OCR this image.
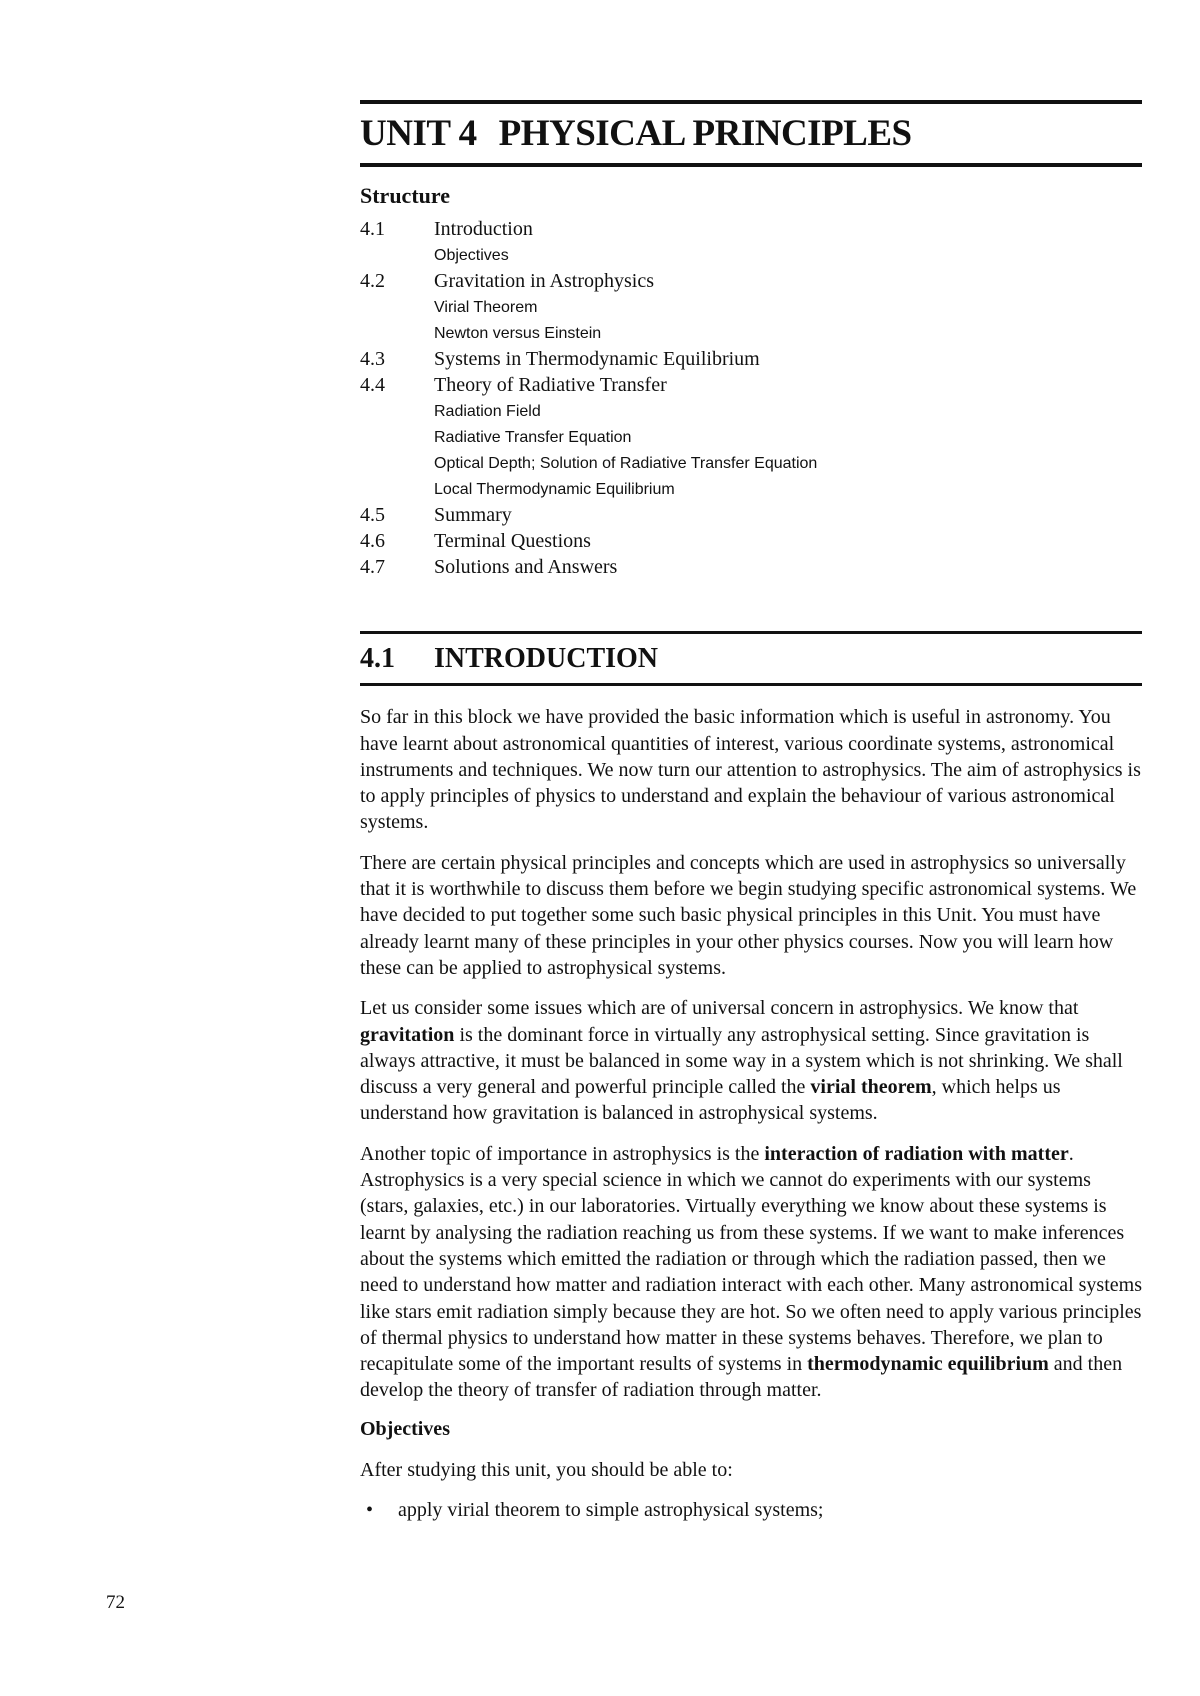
72
UNIT 4 PHYSICAL PRINCIPLES
Structure
4.1	Introduction
Objectives
4.2	Gravitation in Astrophysics
Virial Theorem
Newton versus Einstein
4.3	Systems in Thermodynamic Equilibrium
4.4	Theory of Radiative Transfer
Radiation Field
Radiative Transfer Equation
Optical Depth; Solution of Radiative Transfer Equation
Local Thermodynamic Equilibrium
4.5	Summary
4.6	Terminal Questions
4.7	Solutions and Answers
4.1 INTRODUCTION

So far in this block we have provided the basic information which is useful in astronomy. You have learnt about astronomical quantities of interest, various coordinate systems, astronomical instruments and techniques. We now turn our attention to astrophysics. The aim of astrophysics is to apply principles of physics to understand and explain the behaviour of various astronomical systems.

There are certain physical principles and concepts which are used in astrophysics so universally that it is worthwhile to discuss them before we begin studying specific astronomical systems. We have decided to put together some such basic physical principles in this Unit. You must have already learnt many of these principles in your other physics courses. Now you will learn how these can be applied to astrophysical systems.

Let us consider some issues which are of universal concern in astrophysics. We know that gravitation is the dominant force in virtually any astrophysical setting. Since gravitation is always attractive, it must be balanced in some way in a system which is not shrinking. We shall discuss a very general and powerful principle called the virial theorem, which helps us understand how gravitation is balanced in astrophysical systems.

Another topic of importance in astrophysics is the interaction of radiation with matter. Astrophysics is a very special science in which we cannot do experiments with our systems (stars, galaxies, etc.) in our laboratories. Virtually everything we know about these systems is learnt by analysing the radiation reaching us from these systems. If we want to make inferences about the systems which emitted the radiation or through which the radiation passed, then we need to understand how matter and radiation interact with each other. Many astronomical systems like stars emit radiation simply because they are hot. So we often need to apply various principles of thermal physics to understand how matter in these systems behaves. Therefore, we plan to recapitulate some of the important results of systems in thermodynamic equilibrium and then develop the theory of transfer of radiation through matter.

Objectives

After studying this unit, you should be able to:

•	apply virial theorem to simple astrophysical systems;
